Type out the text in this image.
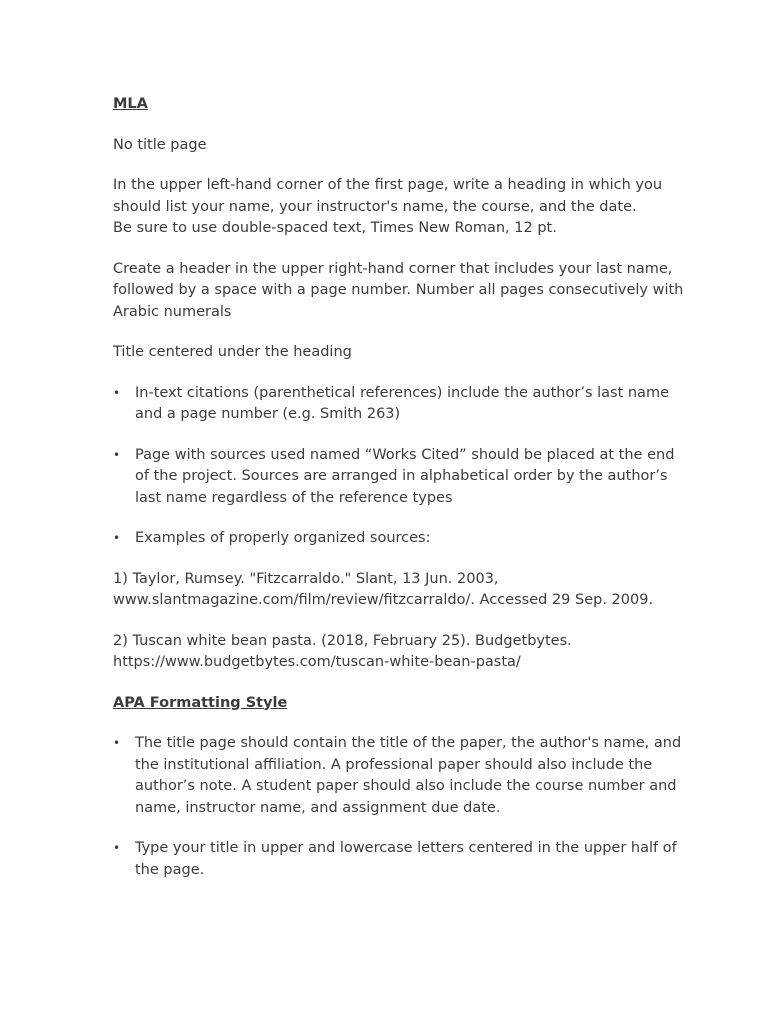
MLA

No title page

In the upper left-hand corner of the first page, write a heading in which you should list your name, your instructor's name, the course, and the date.
Be sure to use double-spaced text, Times New Roman, 12 pt.

Create a header in the upper right-hand corner that includes your last name, followed by a space with a page number. Number all pages consecutively with Arabic numerals

Title centered under the heading

• In-text citations (parenthetical references) include the author’s last name and a page number (e.g. Smith 263)
• Page with sources used named “Works Cited” should be placed at the end of the project. Sources are arranged in alphabetical order by the author’s last name regardless of the reference types
• Examples of properly organized sources:

1) Taylor, Rumsey. "Fitzcarraldo." Slant, 13 Jun. 2003, www.slantmagazine.com/film/review/fitzcarraldo/. Accessed 29 Sep. 2009.

2) Tuscan white bean pasta. (2018, February 25). Budgetbytes.
https://www.budgetbytes.com/tuscan-white-bean-pasta/

APA Formatting Style
• The title page should contain the title of the paper, the author's name, and the institutional affiliation. A professional paper should also include the author’s note. A student paper should also include the course number and name, instructor name, and assignment due date.
• Type your title in upper and lowercase letters centered in the upper half of the page.
